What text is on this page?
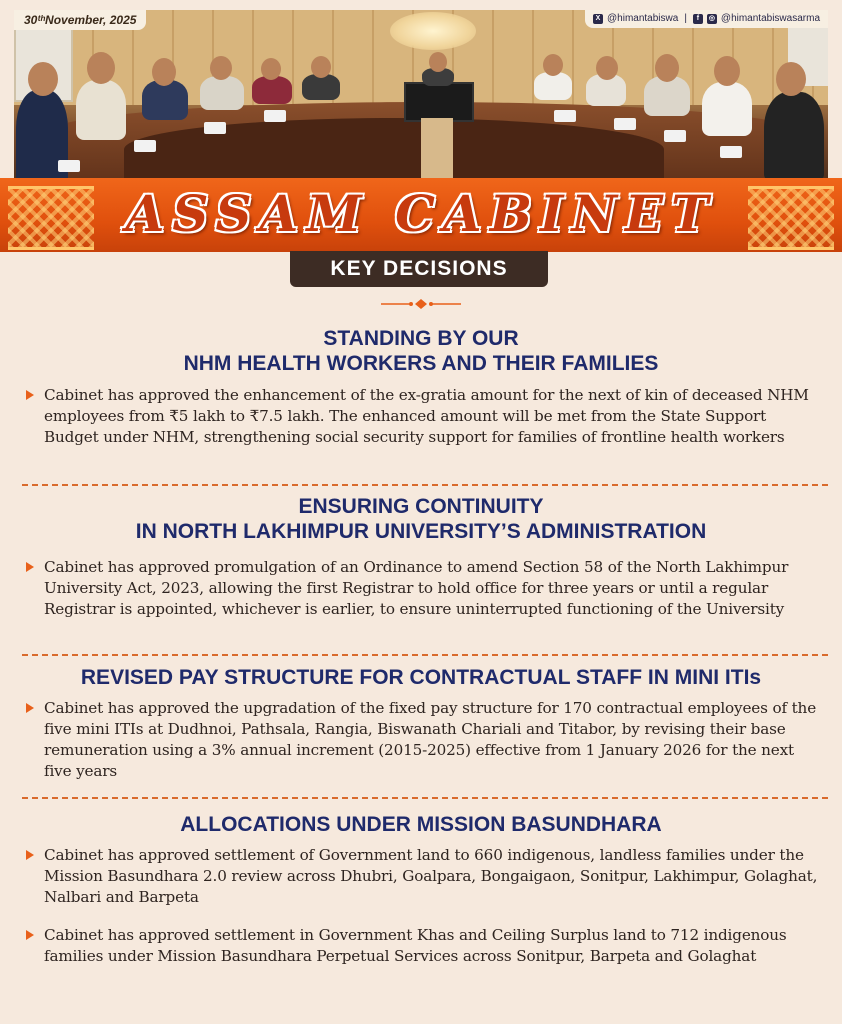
30ᵗʰNovember, 2025	X @himantabiswa |	f	◎ @himantabiswasarma
ASSAM CABINET
KEY DECISIONS
STANDING BY OUR
NHM HEALTH WORKERS AND THEIR FAMILIES
Cabinet has approved the enhancement of the ex-gratia amount for the next of kin of deceased NHM employees from ₹5 lakh to ₹7.5 lakh. The enhanced amount will be met from the State Support Budget under NHM, strengthening social security support for families of frontline health workers
ENSURING CONTINUITY
IN NORTH LAKHIMPUR UNIVERSITY’S ADMINISTRATION
Cabinet has approved promulgation of an Ordinance to amend Section 58 of the North Lakhimpur University Act, 2023, allowing the first Registrar to hold office for three years or until a regular Registrar is appointed, whichever is earlier, to ensure uninterrupted functioning of the University
REVISED PAY STRUCTURE FOR CONTRACTUAL STAFF IN MINI ITIs
Cabinet has approved the upgradation of the fixed pay structure for 170 contractual employees of the five mini ITIs at Dudhnoi, Pathsala, Rangia, Biswanath Chariali and Titabor, by revising their base remuneration using a 3% annual increment (2015-2025) effective from 1 January 2026 for the next five years
ALLOCATIONS UNDER MISSION BASUNDHARA
Cabinet has approved settlement of Government land to 660 indigenous, landless families under the Mission Basundhara 2.0 review across Dhubri, Goalpara, Bongaigaon, Sonitpur, Lakhimpur, Golaghat, Nalbari and Barpeta
Cabinet has approved settlement in Government Khas and Ceiling Surplus land to 712 indigenous families under Mission Basundhara Perpetual Services across Sonitpur, Barpeta and Golaghat
